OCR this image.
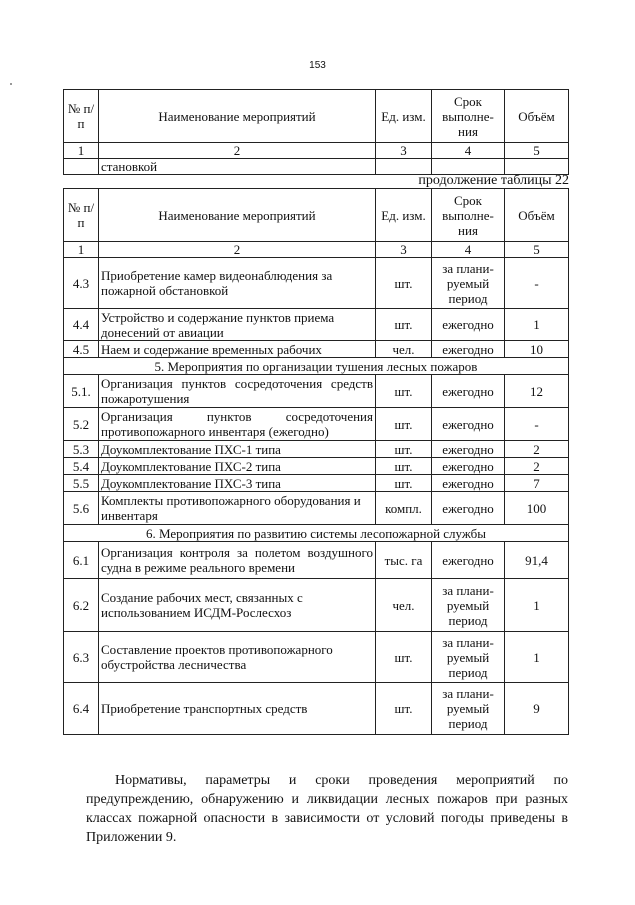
153
№ п/п	Наименование мероприятий	Ед. изм.	Срок выполне-ния	Объём
1	2	3	4	5
	становкой			
продолжение таблицы 22
№ п/п	Наименование мероприятий	Ед. изм.	Срок выполне-ния	Объём
1	2	3	4	5
4.3	Приобретение камер видеонаблюдения за пожарной обстановкой	шт.	за плани-руемый период	-
4.4	Устройство и содержание пунктов приема донесений от авиации	шт.	ежегодно	1
4.5	Наем и содержание временных рабочих	чел.	ежегодно	10
5. Мероприятия по организации тушения лесных пожаров				
5.1.	Организация пунктов сосредоточения средств пожаротушения	шт.	ежегодно	12
5.2	Организация пунктов сосредоточения противопожарного инвентаря (ежегодно)	шт.	ежегодно	-
5.3	Доукомплектование ПХС-1 типа	шт.	ежегодно	2
5.4	Доукомплектование ПХС-2 типа	шт.	ежегодно	2
5.5	Доукомплектование ПХС-3 типа	шт.	ежегодно	7
5.6	Комплекты противопожарного оборудования и инвентаря	компл.	ежегодно	100
6. Мероприятия по развитию системы лесопожарной службы				
6.1	Организация контроля за полетом воздушного судна в режиме реального времени	тыс. га	ежегодно	91,4
6.2	Создание рабочих мест, связанных с использованием ИСДМ-Рослесхоз	чел.	за плани-руемый период	1
6.3	Составление проектов противопожарного обустройства лесничества	шт.	за плани-руемый период	1
6.4	Приобретение транспортных средств	шт.	за плани-руемый период	9

Нормативы, параметры и сроки проведения мероприятий по предупреждению, обнаружению и ликвидации лесных пожаров при разных классах пожарной опасности в зависимости от условий погоды приведены в Приложении 9.
